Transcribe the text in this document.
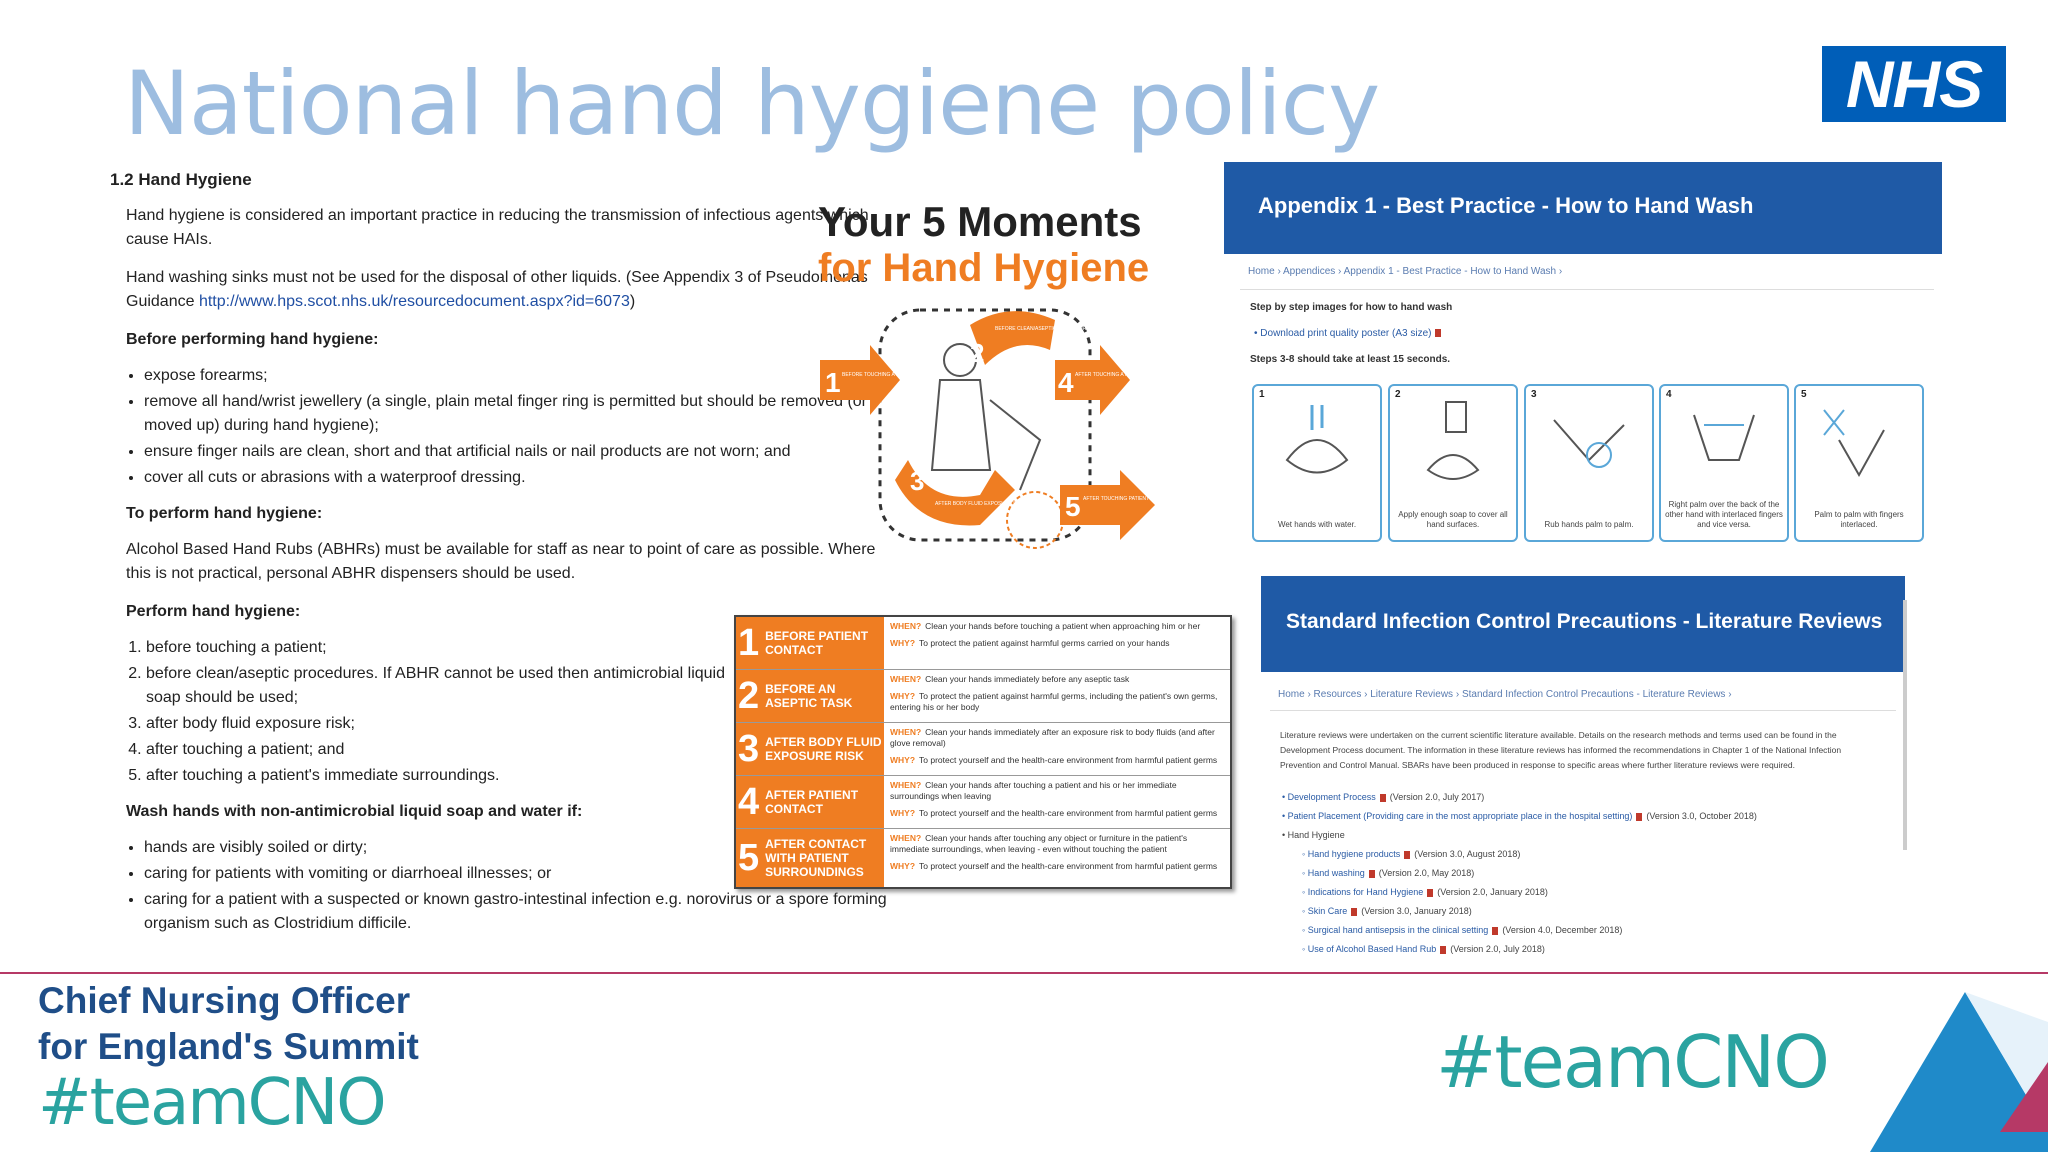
National hand hygiene policy	NHS
1.2 Hand Hygiene

Hand hygiene is considered an important practice in reducing the transmission of infectious agents which cause HAIs.

Hand washing sinks must not be used for the disposal of other liquids. (See Appendix 3 of Pseudomonas Guidance http://www.hps.scot.nhs.uk/resourcedocument.aspx?id=6073)

Before performing hand hygiene:
• expose forearms;
• remove all hand/wrist jewellery (a single, plain metal finger ring is permitted but should be removed (or moved up) during hand hygiene);
• ensure finger nails are clean, short and that artificial nails or nail products are not worn; and
• cover all cuts or abrasions with a waterproof dressing.
To perform hand hygiene:

Alcohol Based Hand Rubs (ABHRs) must be available for staff as near to point of care as possible. Where this is not practical, personal ABHR dispensers should be used.

Perform hand hygiene:
1. before touching a patient;
2. before clean/aseptic procedures. If ABHR cannot be used then antimicrobial liquid soap should be used;
3. after body fluid exposure risk;
4. after touching a patient; and
5. after touching a patient's immediate surroundings.
Wash hands with non-antimicrobial liquid soap and water if:
• hands are visibly soiled or dirty;
• caring for patients with vomiting or diarrhoeal illnesses; or
• caring for a patient with a suspected or known gastro-intestinal infection e.g. norovirus or a spore forming organism such as Clostridium difficile.
Your 5 Moments
for Hand Hygiene
1 BEFORE TOUCHING A PATIENT	4 AFTER TOUCHING A PATIENT
2
BEFORE CLEAN/ASEPTIC PROCEDURE
3
AFTER BODY FLUID EXPOSURE RISK 5 AFTER TOUCHING PATIENT SURROUNDINGS
1 BEFORE PATIENT CONTACT
WHEN? Clean your hands before touching a patient when approaching him or her
WHY? To protect the patient against harmful germs carried on your hands
2 BEFORE AN ASEPTIC TASK
WHEN? Clean your hands immediately before any aseptic task
WHY? To protect the patient against harmful germs, including the patient's own germs, entering his or her body
3 AFTER BODY FLUID EXPOSURE RISK
WHEN? Clean your hands immediately after an exposure risk to body fluids (and after glove removal)
WHY? To protect yourself and the health-care environment from harmful patient germs
4 AFTER PATIENT CONTACT
WHEN? Clean your hands after touching a patient and his or her immediate surroundings when leaving
WHY? To protect yourself and the health-care environment from harmful patient germs
5 AFTER CONTACT WITH PATIENT SURROUNDINGS
WHEN? Clean your hands after touching any object or furniture in the patient's immediate surroundings, when leaving - even without touching the patient
WHY? To protect yourself and the health-care environment from harmful patient germs
Appendix 1 - Best Practice - How to Hand Wash
Home › Appendices › Appendix 1 - Best Practice - How to Hand Wash ›
Step by step images for how to hand wash
• Download print quality poster (A3 size)
Steps 3-8 should take at least 15 seconds.
1
Wet hands with water.
2
Apply enough soap to cover all hand surfaces.
3
Rub hands palm to palm.
4
Right palm over the back of the other hand with interlaced fingers and vice versa.
5
Palm to palm with fingers interlaced.
Standard Infection Control Precautions - Literature Reviews
Home › Resources › Literature Reviews › Standard Infection Control Precautions - Literature Reviews ›
Literature reviews were undertaken on the current scientific literature available. Details on the research methods and terms used can be found in the Development Process document. The information in these literature reviews has informed the recommendations in Chapter 1 of the National Infection Prevention and Control Manual. SBARs have been produced in response to specific areas where further literature reviews were required.
• Development Process (Version 2.0, July 2017)
• Patient Placement (Providing care in the most appropriate place in the hospital setting) (Version 3.0, October 2018)
• Hand Hygiene
◦ Hand hygiene products (Version 3.0, August 2018)
◦ Hand washing (Version 2.0, May 2018)
◦ Indications for Hand Hygiene (Version 2.0, January 2018)
◦ Skin Care (Version 3.0, January 2018)
◦ Surgical hand antisepsis in the clinical setting (Version 4.0, December 2018)
◦ Use of Alcohol Based Hand Rub (Version 2.0, July 2018)
Chief Nursing Officer
for England's Summit
#teamCNO	#teamCNO
